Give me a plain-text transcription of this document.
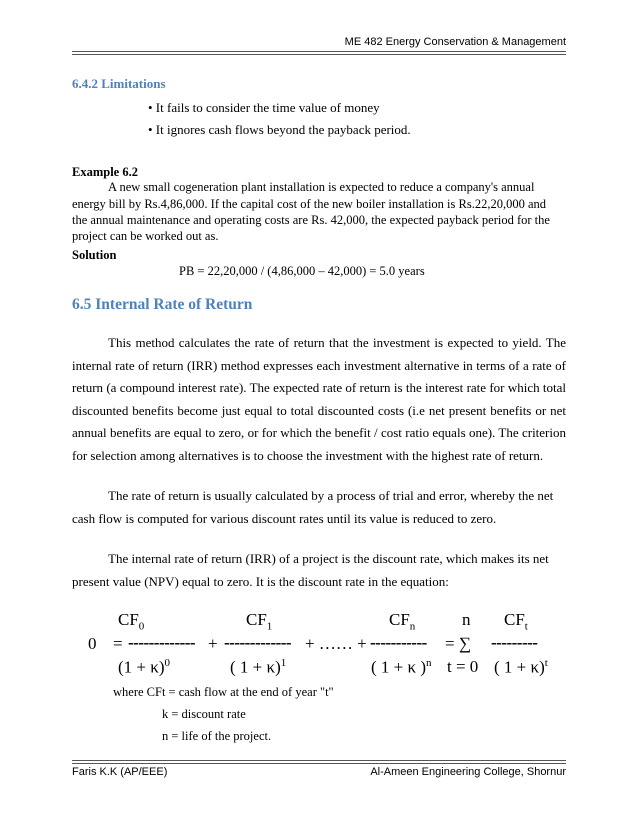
ME 482 Energy Conservation & Management
6.4.2 Limitations
• It fails to consider the time value of money
• It ignores cash flows beyond the payback period.
Example 6.2
A new small cogeneration plant installation is expected to reduce a company's annual
energy bill by Rs.4,86,000. If the capital cost of the new boiler installation is Rs.22,20,000 and
the annual maintenance and operating costs are Rs. 42,000, the expected payback period for the
project can be worked out as.
Solution
PB = 22,20,000 / (4,86,000 – 42,000) = 5.0 years
6.5 Internal Rate of Return
This method calculates the rate of return that the investment is expected to yield. The
internal rate of return (IRR) method expresses each investment alternative in terms of a rate of
return (a compound interest rate). The expected rate of return is the interest rate for which total
discounted benefits become just equal to total discounted costs (i.e net present benefits or net
annual benefits are equal to zero, or for which the benefit / cost ratio equals one). The criterion
for selection among alternatives is to choose the investment with the highest rate of return.
The rate of return is usually calculated by a process of trial and error, whereby the net
cash flow is computed for various discount rates until its value is reduced to zero.
The internal rate of return (IRR) of a project is the discount rate, which makes its net
present value (NPV) equal to zero. It is the discount rate in the equation:
$CF_0$	$CF_1$	$CF_n$	n $CF_t$
0 = ------------- + ------------- + …… + ----------- = ∑ ---------
$(1 + \kappa)^0$	( 1 + κ)$^1$	( 1 + κ )$^n$ t = 0 ( 1 + κ)$^t$
where CFt = cash flow at the end of year "t"
k = discount rate
n = life of the project.
Faris K.K (AP/EEE)	Al-Ameen Engineering College, Shornur
